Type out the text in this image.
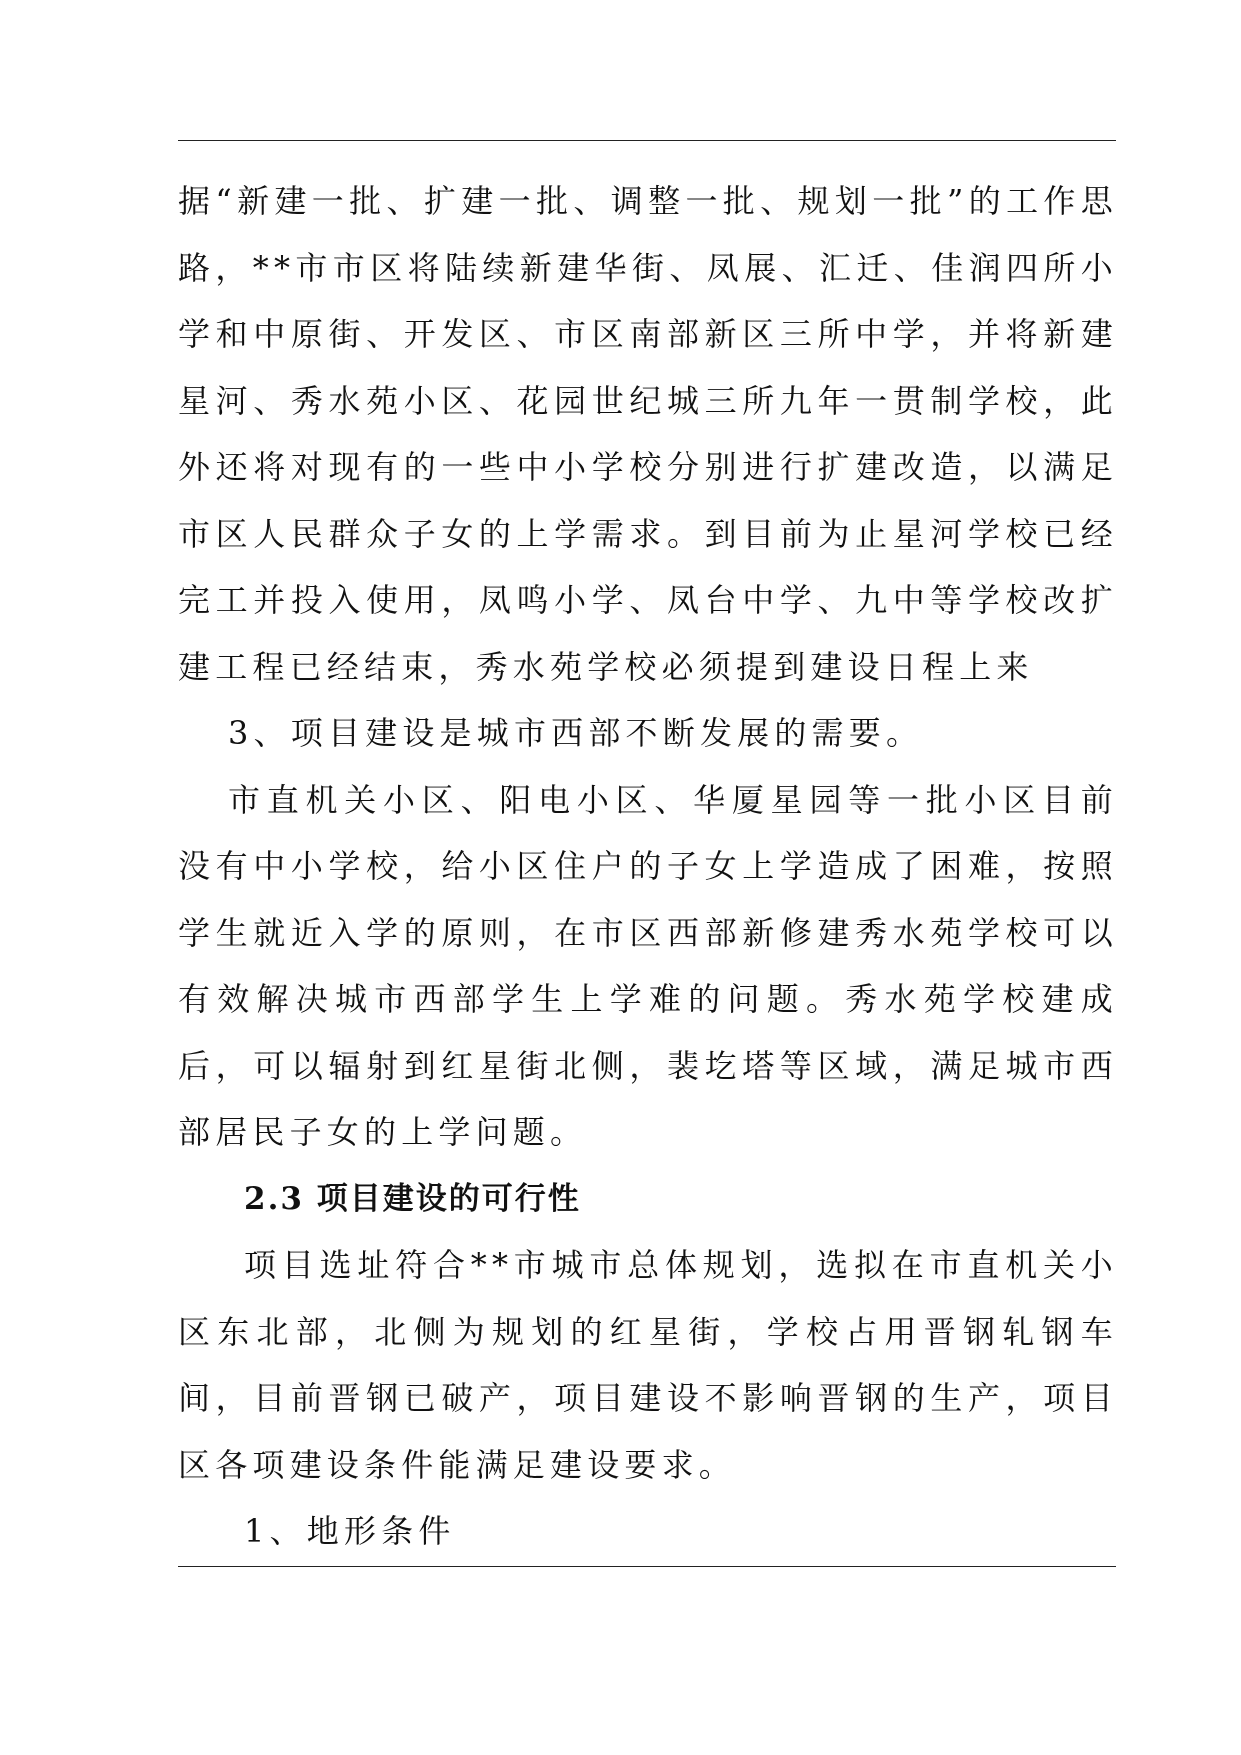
据“新建一批、扩建一批、调整一批、规划一批”的工作思路，**市市区将陆续新建华街、凤展、汇迁、佳润四所小学和中原街、开发区、市区南部新区三所中学，并将新建星河、秀水苑小区、花园世纪城三所九年一贯制学校，此外还将对现有的一些中小学校分别进行扩建改造，以满足市区人民群众子女的上学需求。到目前为止星河学校已经完工并投入使用，凤鸣小学、凤台中学、九中等学校改扩建工程已经结束，秀水苑学校必须提到建设日程上来

3、项目建设是城市西部不断发展的需要。

市直机关小区、阳电小区、华厦星园等一批小区目前没有中小学校，给小区住户的子女上学造成了困难，按照学生就近入学的原则，在市区西部新修建秀水苑学校可以有效解决城市西部学生上学难的问题。秀水苑学校建成后，可以辐射到红星街北侧，裴圪塔等区域，满足城市西部居民子女的上学问题。

2.3 项目建设的可行性

项目选址符合**市城市总体规划，选拟在市直机关小区东北部，北侧为规划的红星街，学校占用晋钢轧钢车间，目前晋钢已破产，项目建设不影响晋钢的生产，项目区各项建设条件能满足建设要求。

1、地形条件
